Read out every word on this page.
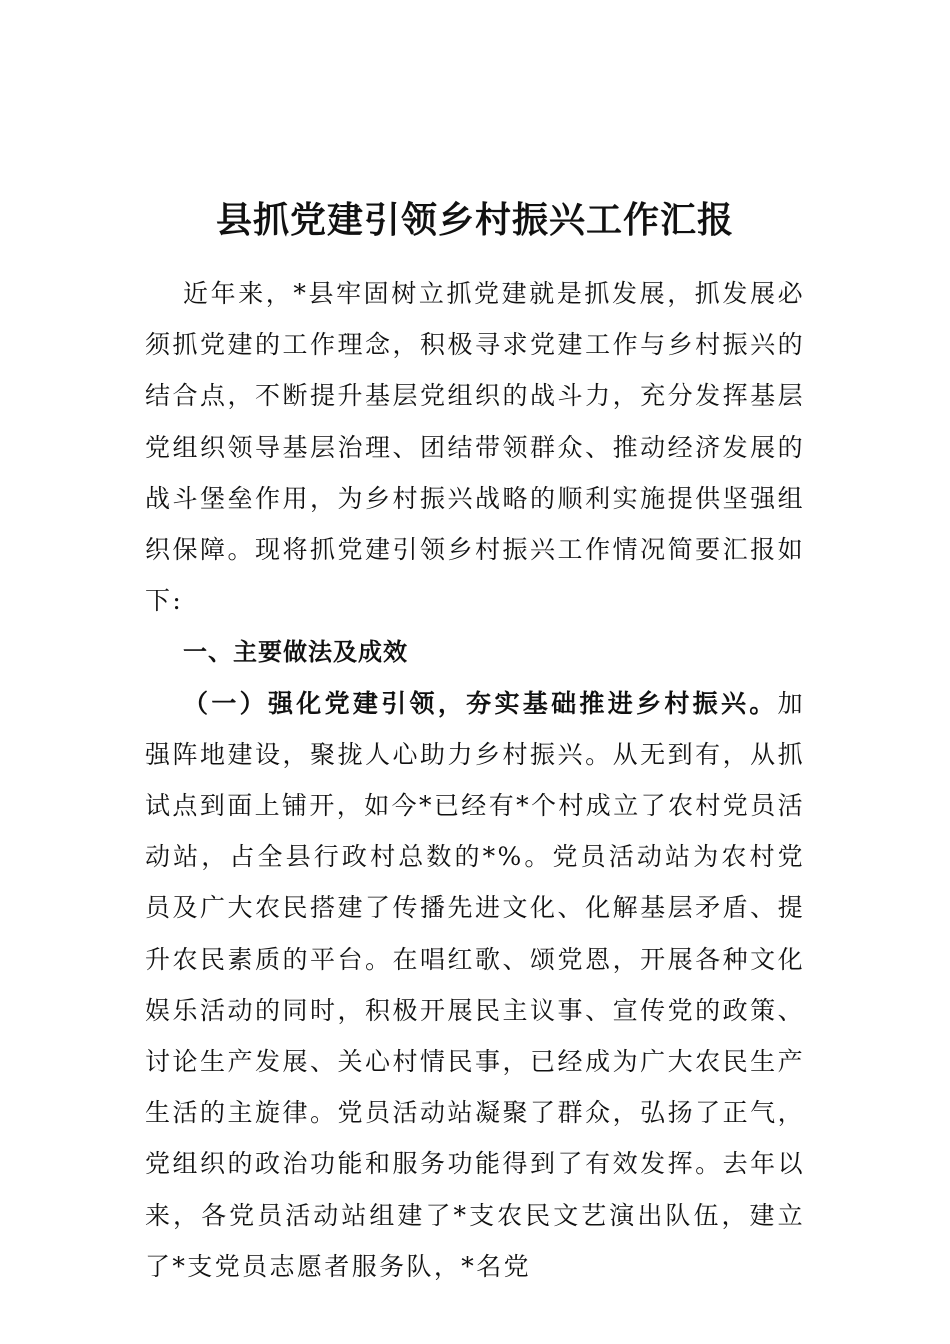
县抓党建引领乡村振兴工作汇报

近年来，*县牢固树立抓党建就是抓发展，抓发展必须抓党建的工作理念，积极寻求党建工作与乡村振兴的结合点，不断提升基层党组织的战斗力，充分发挥基层党组织领导基层治理、团结带领群众、推动经济发展的战斗堡垒作用，为乡村振兴战略的顺利实施提供坚强组织保障。现将抓党建引领乡村振兴工作情况简要汇报如下:

一、主要做法及成效

（一）强化党建引领，夯实基础推进乡村振兴。加强阵地建设，聚拢人心助力乡村振兴。从无到有，从抓试点到面上铺开，如今*已经有*个村成立了农村党员活动站，占全县行政村总数的*%。党员活动站为农村党员及广大农民搭建了传播先进文化、化解基层矛盾、提升农民素质的平台。在唱红歌、颂党恩，开展各种文化娱乐活动的同时，积极开展民主议事、宣传党的政策、讨论生产发展、关心村情民事，已经成为广大农民生产生活的主旋律。党员活动站凝聚了群众，弘扬了正气，党组织的政治功能和服务功能得到了有效发挥。去年以来，各党员活动站组建了*支农民文艺演出队伍，建立了*支党员志愿者服务队，*名党
